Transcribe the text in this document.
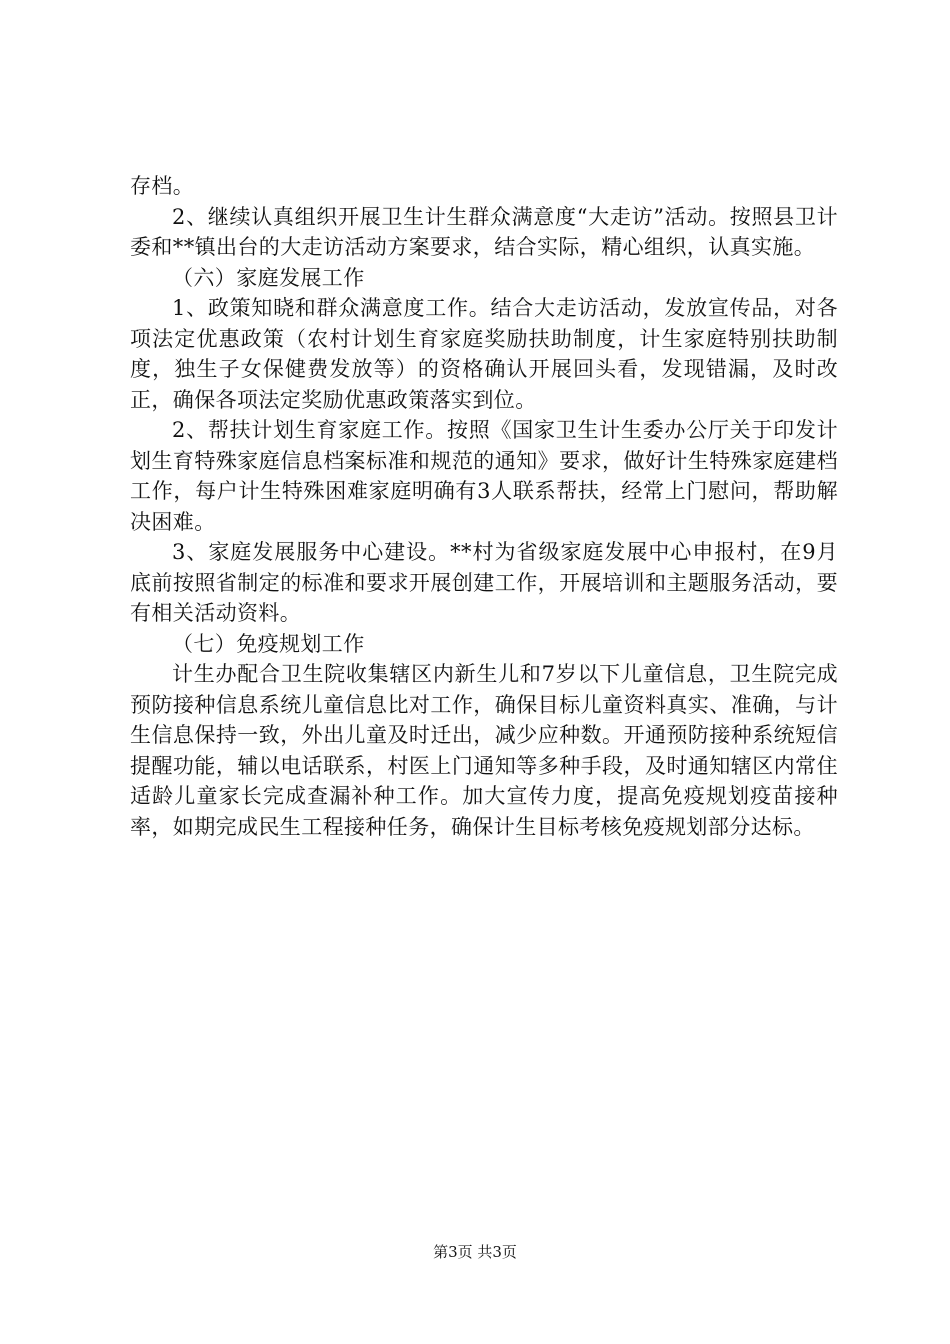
存档。

2、继续认真组织开展卫生计生群众满意度“大走访”活动。按照县卫计委和**镇出台的大走访活动方案要求，结合实际，精心组织，认真实施。

（六）家庭发展工作

1、政策知晓和群众满意度工作。结合大走访活动，发放宣传品，对各项法定优惠政策（农村计划生育家庭奖励扶助制度，计生家庭特别扶助制度，独生子女保健费发放等）的资格确认开展回头看，发现错漏，及时改正，确保各项法定奖励优惠政策落实到位。

2、帮扶计划生育家庭工作。按照《国家卫生计生委办公厅关于印发计划生育特殊家庭信息档案标准和规范的通知》要求，做好计生特殊家庭建档工作，每户计生特殊困难家庭明确有3人联系帮扶，经常上门慰问，帮助解决困难。

3、家庭发展服务中心建设。**村为省级家庭发展中心申报村，在9月底前按照省制定的标准和要求开展创建工作，开展培训和主题服务活动，要有相关活动资料。

（七）免疫规划工作

计生办配合卫生院收集辖区内新生儿和7岁以下儿童信息，卫生院完成预防接种信息系统儿童信息比对工作，确保目标儿童资料真实、准确，与计生信息保持一致，外出儿童及时迁出，减少应种数。开通预防接种系统短信提醒功能，辅以电话联系，村医上门通知等多种手段，及时通知辖区内常住适龄儿童家长完成查漏补种工作。加大宣传力度，提高免疫规划疫苗接种率，如期完成民生工程接种任务，确保计生目标考核免疫规划部分达标。

第3页 共3页
